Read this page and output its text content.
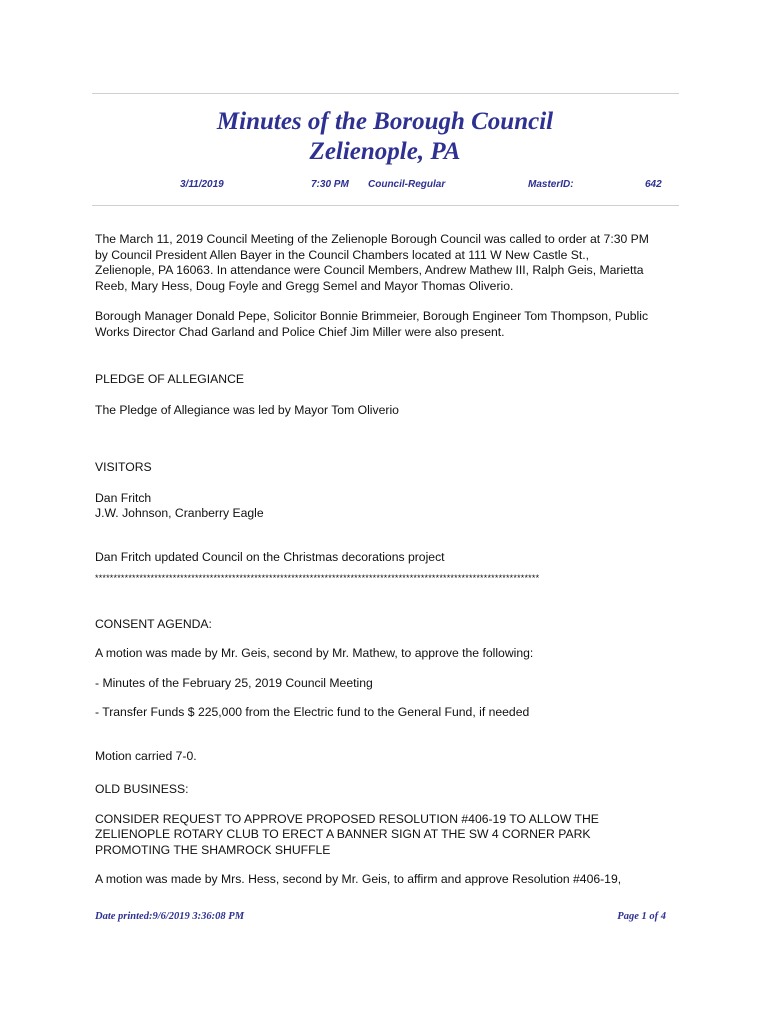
Minutes of the Borough Council
Zelienople, PA
3/11/2019	7:30 PM Council-Regular	MasterID:	642

The March 11, 2019 Council Meeting of the Zelienople Borough Council was called to order at 7:30 PM
by Council President Allen Bayer in the Council Chambers located at 111 W New Castle St.,
Zelienople, PA 16063. In attendance were Council Members, Andrew Mathew III, Ralph Geis, Marietta
Reeb, Mary Hess, Doug Foyle and Gregg Semel and Mayor Thomas Oliverio.

Borough Manager Donald Pepe, Solicitor Bonnie Brimmeier, Borough Engineer Tom Thompson, Public
Works Director Chad Garland and Police Chief Jim Miller were also present.

PLEDGE OF ALLEGIANCE

The Pledge of Allegiance was led by Mayor Tom Oliverio

VISITORS

Dan Fritch
J.W. Johnson, Cranberry Eagle

Dan Fritch updated Council on the Christmas decorations project

************************************************************************************************************************

CONSENT AGENDA:

A motion was made by Mr. Geis, second by Mr. Mathew, to approve the following:

- Minutes of the February 25, 2019 Council Meeting

- Transfer Funds $ 225,000 from the Electric fund to the General Fund, if needed

Motion carried 7-0.

OLD BUSINESS:

CONSIDER REQUEST TO APPROVE PROPOSED RESOLUTION #406-19 TO ALLOW THE
ZELIENOPLE ROTARY CLUB TO ERECT A BANNER SIGN AT THE SW 4 CORNER PARK
PROMOTING THE SHAMROCK SHUFFLE

A motion was made by Mrs. Hess, second by Mr. Geis, to affirm and approve Resolution #406-19,

Date printed:9/6/2019 3:36:08 PM	Page 1 of 4
